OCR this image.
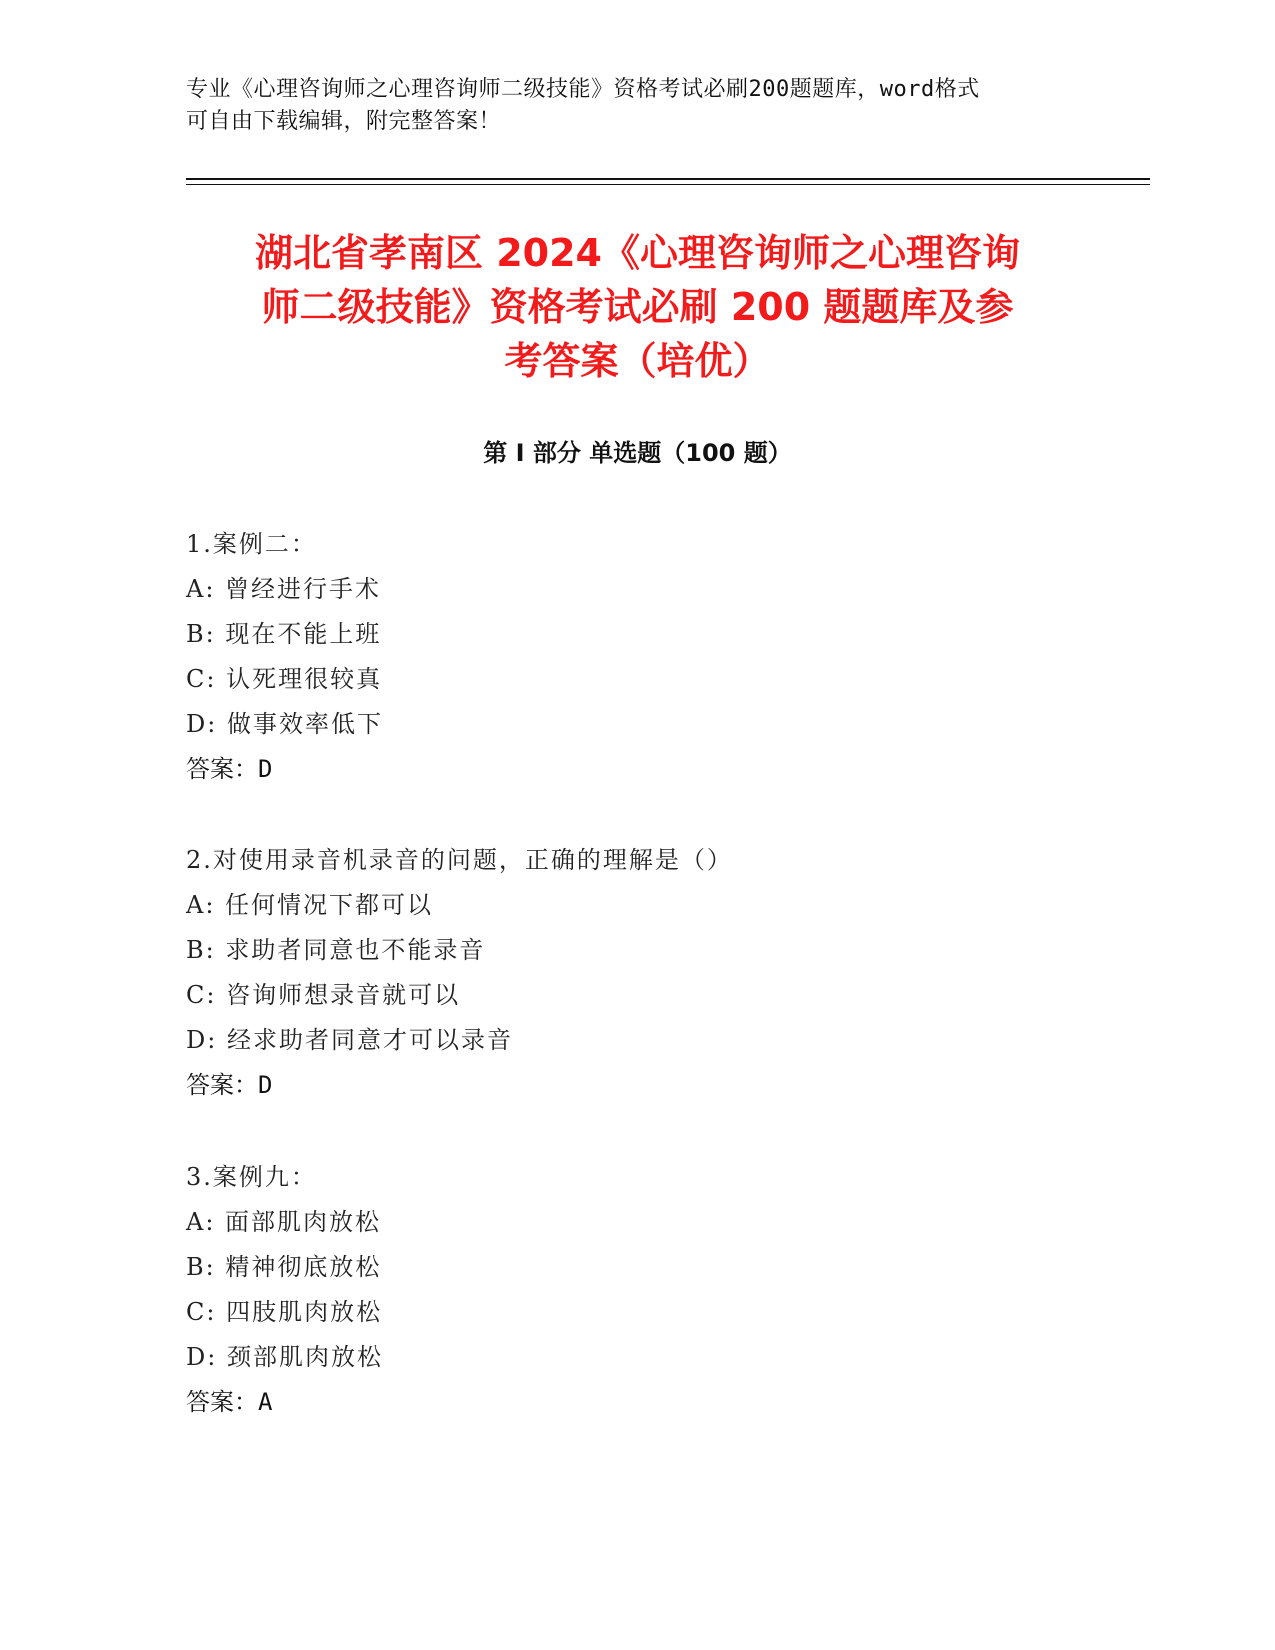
专业《心理咨询师之心理咨询师二级技能》资格考试必刷200题题库，word格式
可自由下载编辑，附完整答案！
湖北省孝南区 2024《心理咨询师之心理咨询
师二级技能》资格考试必刷 200 题题库及参
考答案（培优）
第 I 部分 单选题（100 题）
1.案例二：
A: 曾经进行手术
B: 现在不能上班
C: 认死理很较真
D: 做事效率低下
答案：D
2.对使用录音机录音的问题，正确的理解是（）
A: 任何情况下都可以
B: 求助者同意也不能录音
C: 咨询师想录音就可以
D: 经求助者同意才可以录音
答案：D
3.案例九：
A: 面部肌肉放松
B: 精神彻底放松
C: 四肢肌肉放松
D: 颈部肌肉放松
答案：A
